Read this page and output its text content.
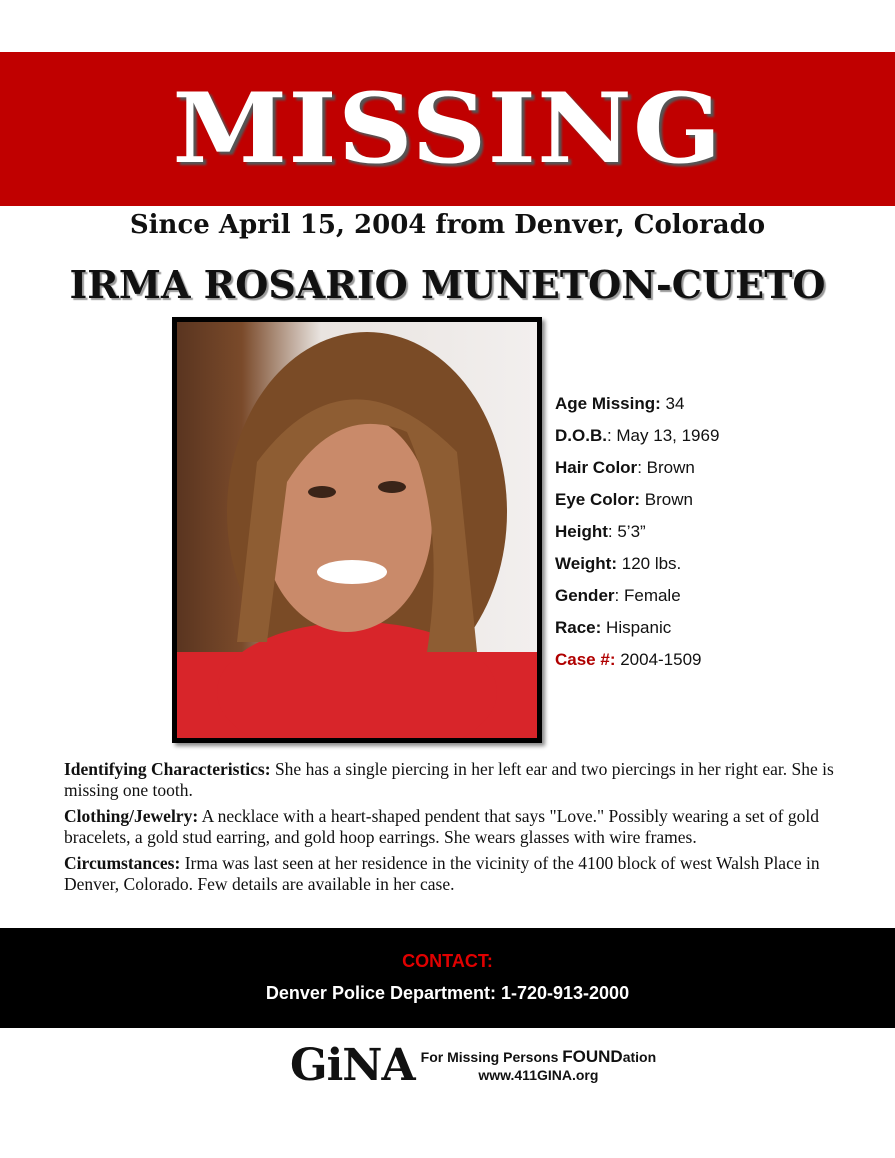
MISSING
Since April 15, 2004 from Denver, Colorado
IRMA ROSARIO MUNETON-CUETO
Age Missing: 34
D.O.B.: May 13, 1969
Hair Color: Brown
Eye Color: Brown
Height: 5’3”
Weight: 120 lbs.
Gender: Female
Race: Hispanic
Case #: 2004-1509

Identifying Characteristics: She has a single piercing in her left ear and two piercings in her right ear. She is missing one tooth.

Clothing/Jewelry: A necklace with a heart-shaped pendent that says "Love." Possibly wearing a set of gold bracelets, a gold stud earring, and gold hoop earrings. She wears glasses with wire frames.

Circumstances: Irma was last seen at her residence in the vicinity of the 4100 block of west Walsh Place in Denver, Colorado. Few details are available in her case.

CONTACT:
Denver Police Department: 1-720-913-2000
GiNA For Missing Persons FOUNDation
www.411GINA.org
